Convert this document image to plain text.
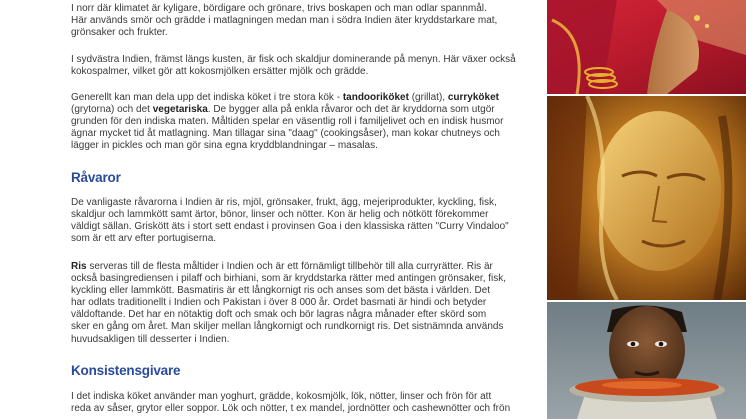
I norr där klimatet är kyligare, bördigare och grönare, trivs boskapen och man odlar spannmål.
Här används smör och grädde i matlagningen medan man i södra Indien äter kryddstarkare mat,
grönsaker och frukter.

I sydvästra Indien, främst längs kusten, är fisk och skaldjur dominerande på menyn. Här växer också
kokospalmer, vilket gör att kokosmjölken ersätter mjölk och grädde.

Generellt kan man dela upp det indiska köket i tre stora kök - tandooriköket (grillat), curryköket
(grytorna) och det vegetariska. De bygger alla på enkla råvaror och det är kryddorna som utgör
grunden för den indiska maten. Måltiden spelar en väsentlig roll i familjelivet och en indisk husmor
ägnar mycket tid åt matlagning. Man tillagar sina "daag" (cookingsåser), man kokar chutneys och
lägger in pickles och man gör sina egna kryddblandningar – masalas.

Råvaror

De vanligaste råvarorna i Indien är ris, mjöl, grönsaker, frukt, ägg, mejeriprodukter, kyckling, fisk,
skaldjur och lammkött samt ärtor, bönor, linser och nötter. Kon är helig och nötkött förekommer
väldigt sällan. Griskött äts i stort sett endast i provinsen Goa i den klassiska rätten "Curry Vindaloo"
som är ett arv efter portugiserna.

Ris serveras till de flesta måltider i Indien och är ett förnämligt tillbehör till alla curryrätter. Ris är
också basingrediensen i pilaff och birhiani, som är kryddstarka rätter med antingen grönsaker, fisk,
kyckling eller lammkött. Basmatiris är ett långkornigt ris och anses som det bästa i världen. Det
har odlats traditionellt i Indien och Pakistan i över 8 000 år. Ordet basmati är hindi och betyder
väldoftande. Det har en nötaktig doft och smak och bör lagras några månader efter skörd som
sker en gång om året. Man skiljer mellan långkornigt och rundkornigt ris. Det sistnämnda används
huvudsakligen till desserter i Indien.

Konsistensgivare

I det indiska köket använder man yoghurt, grädde, kokosmjölk, lök, nötter, linser och frön för att
reda av såser, grytor eller soppor. Lök och nötter, t ex mandel, jordnötter och cashewnötter och frön
